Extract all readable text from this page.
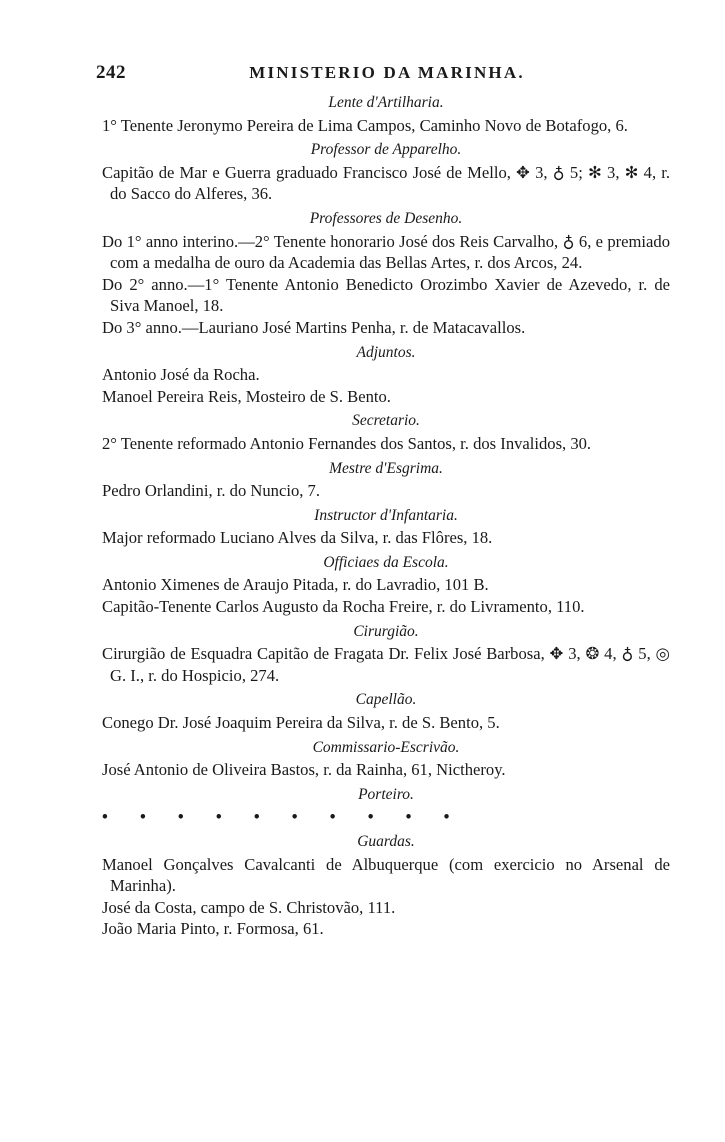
242	MINISTERIO DA MARINHA.

Lente d'Artilharia.

1° Tenente Jeronymo Pereira de Lima Campos, Caminho Novo de Botafogo, 6.

Professor de Apparelho.

Capitão de Mar e Guerra graduado Francisco José de Mello, ✥ 3, ♁ 5; ✻ 3, ✻ 4, r. do Sacco do Alferes, 36.

Professores de Desenho.

Do 1° anno interino.—2° Tenente honorario José dos Reis Carvalho, ♁ 6, e premiado com a medalha de ouro da Academia das Bellas Artes, r. dos Arcos, 24.

Do 2° anno.—1° Tenente Antonio Benedicto Orozimbo Xavier de Azevedo, r. de Siva Manoel, 18.

Do 3° anno.—Lauriano José Martins Penha, r. de Matacavallos.

Adjuntos.

Antonio José da Rocha.

Manoel Pereira Reis, Mosteiro de S. Bento.

Secretario.

2° Tenente reformado Antonio Fernandes dos Santos, r. dos Invalidos, 30.

Mestre d'Esgrima.

Pedro Orlandini, r. do Nuncio, 7.

Instructor d'Infantaria.

Major reformado Luciano Alves da Silva, r. das Flôres, 18.

Officiaes da Escola.

Antonio Ximenes de Araujo Pitada, r. do Lavradio, 101 B.

Capitão-Tenente Carlos Augusto da Rocha Freire, r. do Livramento, 110.

Cirurgião.

Cirurgião de Esquadra Capitão de Fragata Dr. Felix José Barbosa, ✥ 3, ❂ 4, ♁ 5, ◎ G. I., r. do Hospicio, 274.

Capellão.

Conego Dr. José Joaquim Pereira da Silva, r. de S. Bento, 5.

Commissario-Escrivão.

José Antonio de Oliveira Bastos, r. da Rainha, 61, Nictheroy.

Porteiro.

• • • • • • • • • •

Guardas.

Manoel Gonçalves Cavalcanti de Albuquerque (com exercicio no Arsenal de Marinha).

José da Costa, campo de S. Christovão, 111.

João Maria Pinto, r. Formosa, 61.
